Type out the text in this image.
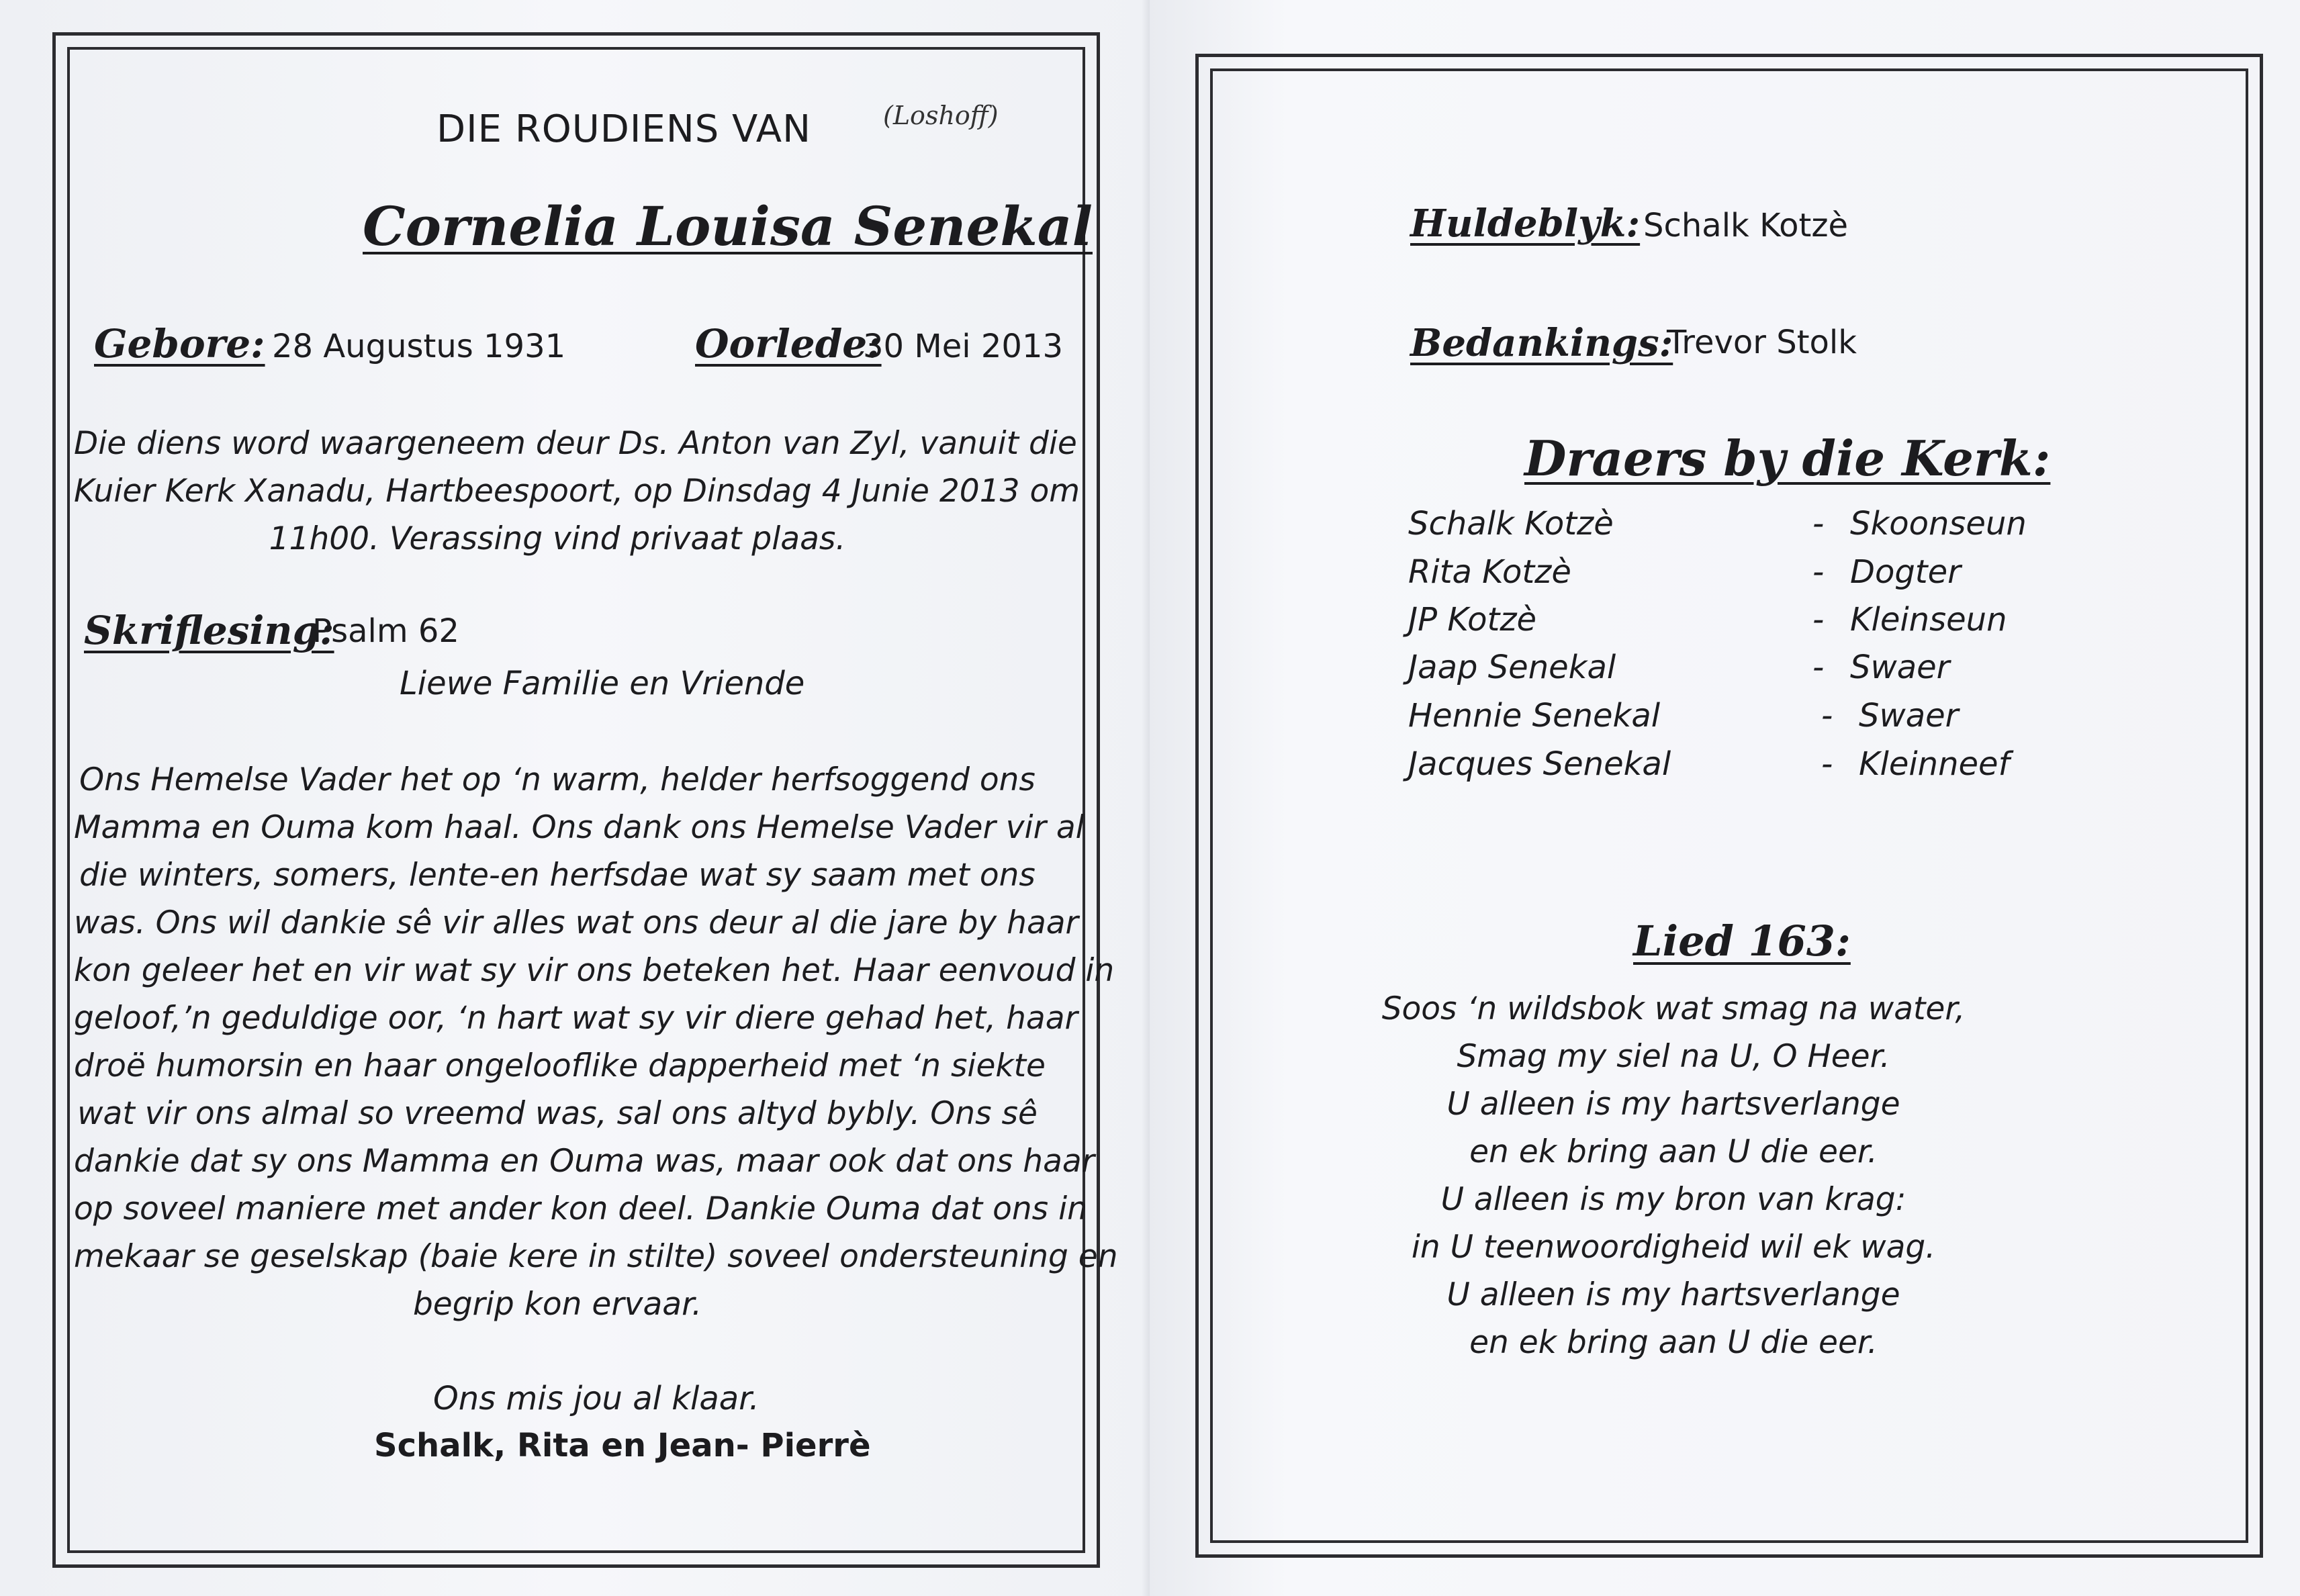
DIE ROUDIENS VAN	(Loshoff)
Cornelia Louisa Senekal
Gebore: 28 Augustus 1931	Oorlede:
30 Mei 2013
Die diens word waargeneem deur Ds. Anton van Zyl, vanuit die
Kuier Kerk Xanadu, Hartbeespoort, op Dinsdag 4 Junie 2013 om
11h00. Verassing vind privaat plaas.
Skriflesing:
Psalm 62
Liewe Familie en Vriende
Ons Hemelse Vader het op ‘n warm, helder herfsoggend ons
Mamma en Ouma kom haal. Ons dank ons Hemelse Vader vir al
die winters, somers, lente-en herfsdae wat sy saam met ons
was. Ons wil dankie sê vir alles wat ons deur al die jare by haar
kon geleer het en vir wat sy vir ons beteken het. Haar eenvoud in
geloof,’n geduldige oor, ‘n hart wat sy vir diere gehad het, haar
droë humorsin en haar ongelooflike dapperheid met ‘n siekte
wat vir ons almal so vreemd was, sal ons altyd bybly. Ons sê
dankie dat sy ons Mamma en Ouma was, maar ook dat ons haar
op soveel maniere met ander kon deel. Dankie Ouma dat ons in
mekaar se geselskap (baie kere in stilte) soveel ondersteuning en
begrip kon ervaar.
Ons mis jou al klaar.
Schalk, Rita en Jean- Pierrè
Huldeblyk: Schalk Kotzè
Bedankings:
Trevor Stolk
Draers by die Kerk:
Schalk Kotzè	- Skoonseun
Rita Kotzè	- Dogter
JP Kotzè	- Kleinseun
Jaap Senekal	- Swaer
Hennie Senekal	- Swaer
Jacques Senekal	- Kleinneef
Lied 163:
Soos ‘n wildsbok wat smag na water,
Smag my siel na U, O Heer.
U alleen is my hartsverlange
en ek bring aan U die eer.
U alleen is my bron van krag:
in U teenwoordigheid wil ek wag.
U alleen is my hartsverlange
en ek bring aan U die eer.
